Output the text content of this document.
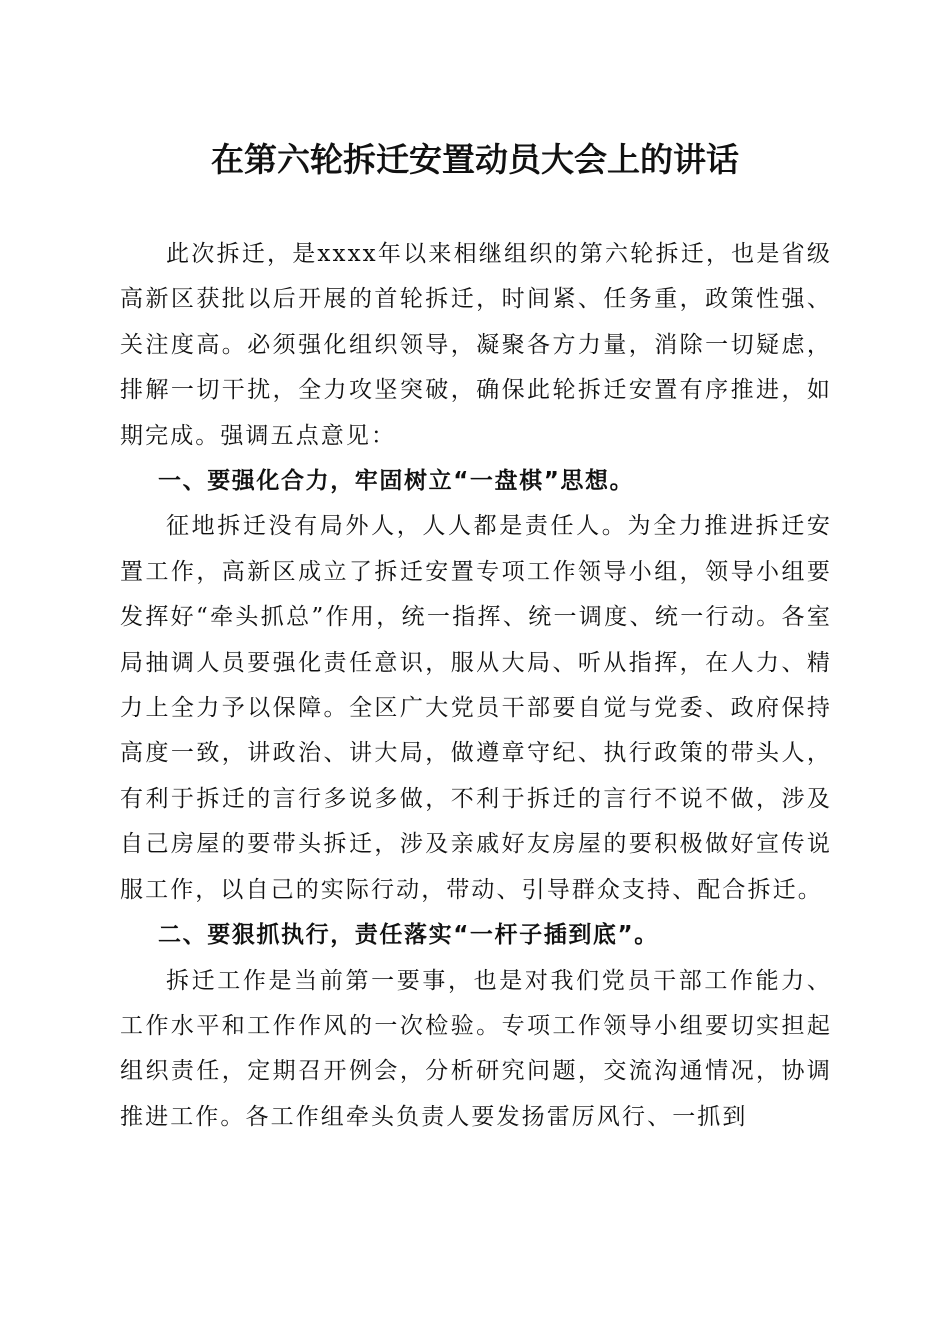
在第六轮拆迁安置动员大会上的讲话

此次拆迁，是xxxx年以来相继组织的第六轮拆迁，也是省级高新区获批以后开展的首轮拆迁，时间紧、任务重，政策性强、关注度高。必须强化组织领导，凝聚各方力量，消除一切疑虑，排解一切干扰，全力攻坚突破，确保此轮拆迁安置有序推进，如期完成。强调五点意见：

一、要强化合力，牢固树立“一盘棋”思想。

征地拆迁没有局外人，人人都是责任人。为全力推进拆迁安置工作，高新区成立了拆迁安置专项工作领导小组，领导小组要发挥好“牵头抓总”作用，统一指挥、统一调度、统一行动。各室局抽调人员要强化责任意识，服从大局、听从指挥，在人力、精力上全力予以保障。全区广大党员干部要自觉与党委、政府保持高度一致，讲政治、讲大局，做遵章守纪、执行政策的带头人，有利于拆迁的言行多说多做，不利于拆迁的言行不说不做，涉及自己房屋的要带头拆迁，涉及亲戚好友房屋的要积极做好宣传说服工作，以自己的实际行动，带动、引导群众支持、配合拆迁。

二、要狠抓执行，责任落实“一杆子插到底”。

拆迁工作是当前第一要事，也是对我们党员干部工作能力、工作水平和工作作风的一次检验。专项工作领导小组要切实担起组织责任，定期召开例会，分析研究问题，交流沟通情况，协调推进工作。各工作组牵头负责人要发扬雷厉风行、一抓到
